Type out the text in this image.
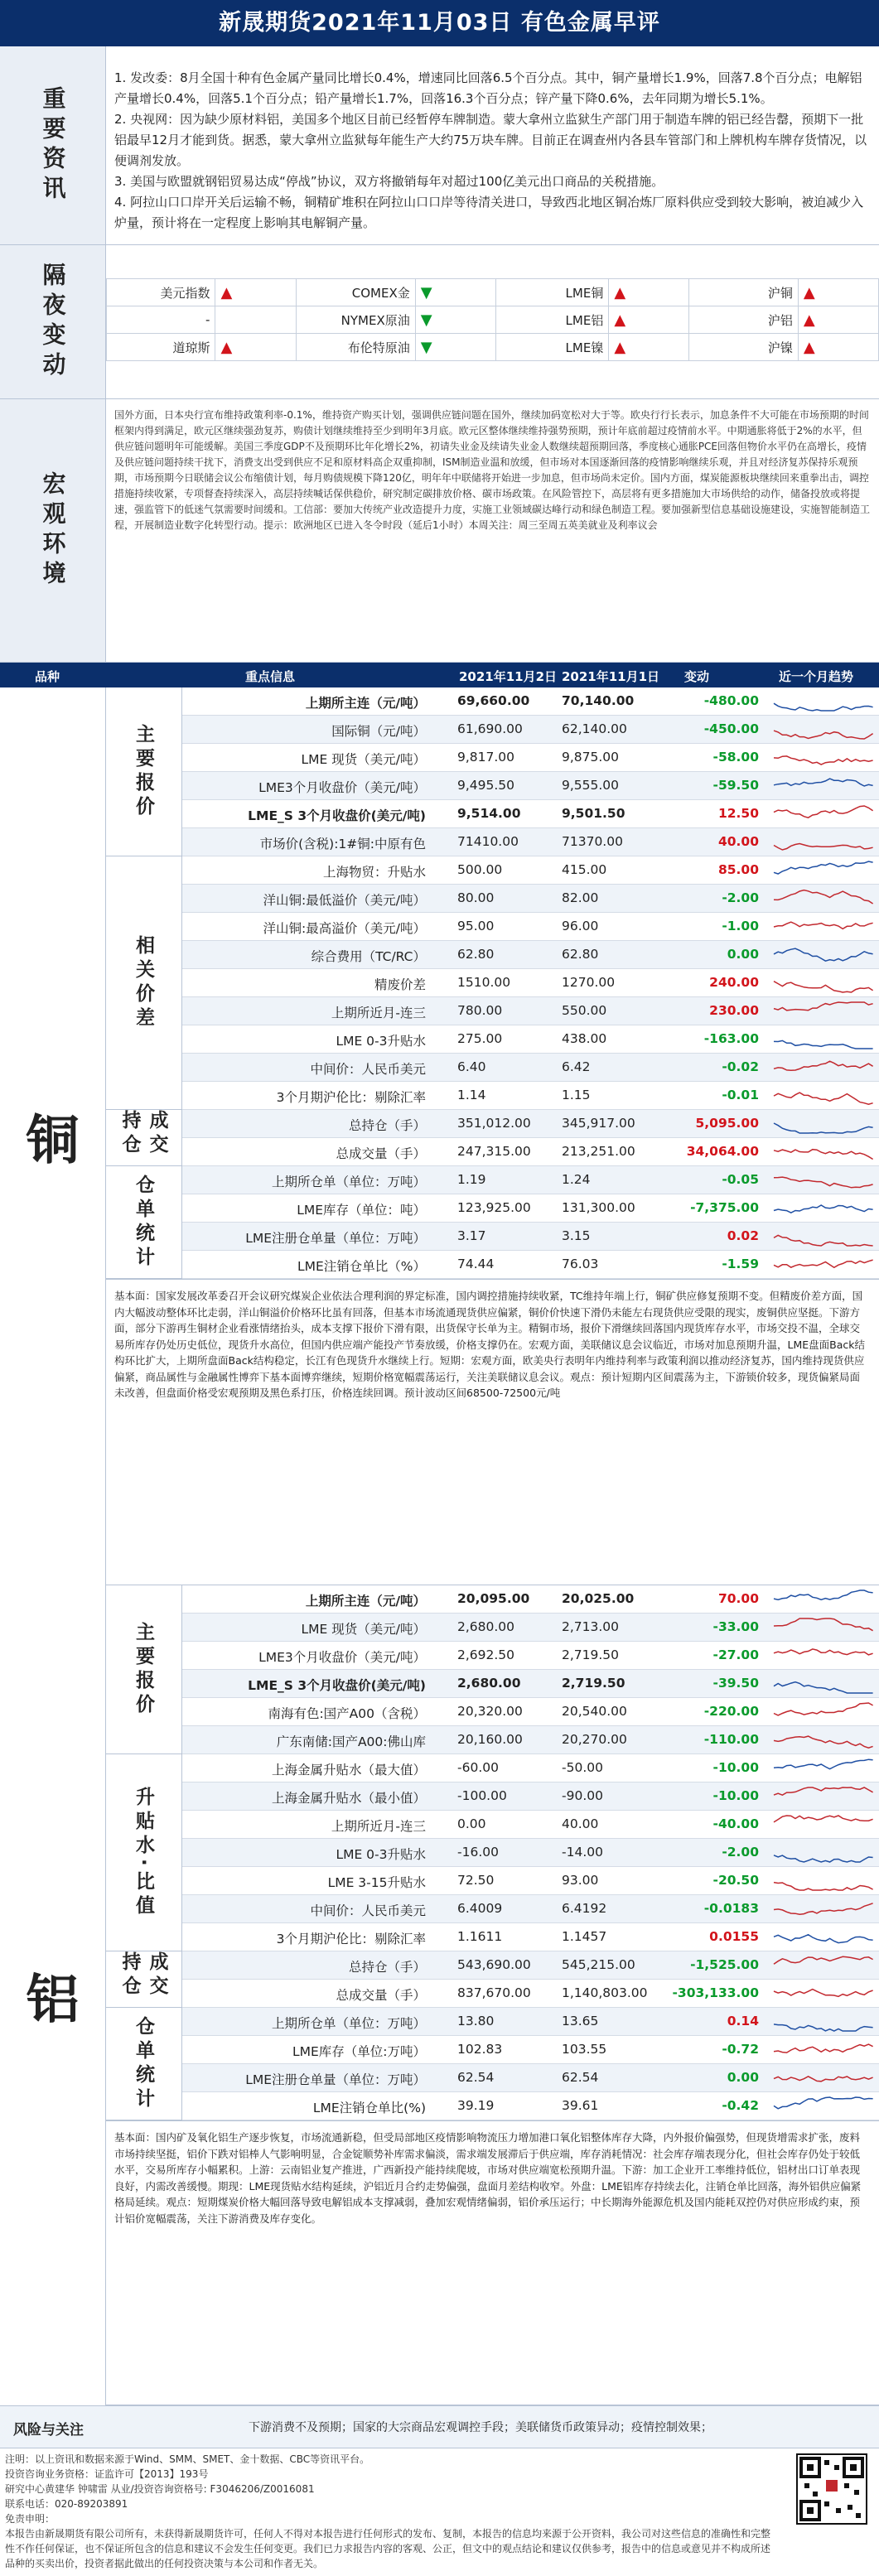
新晟期货2021年11月03日 有色金属早评
重要资讯

1. 发改委：8月全国十种有色金属产量同比增长0.4%，增速同比回落6.5个百分点。其中，铜产量增长1.9%，回落7.8个百分点；电解铝产量增长0.4%，回落5.1个百分点；铅产量增长1.7%，回落16.3个百分点；锌产量下降0.6%，去年同期为增长5.1%。

2. 央视网：因为缺少原材料铝，美国多个地区目前已经暂停车牌制造。蒙大拿州立监狱生产部门用于制造车牌的铝已经告罄，预期下一批铝最早12月才能到货。据悉，蒙大拿州立监狱每年能生产大约75万块车牌。目前正在调查州内各县车管部门和上牌机构车牌存货情况，以便调剂发放。

3. 美国与欧盟就钢铝贸易达成“停战”协议，双方将撤销每年对超过100亿美元出口商品的关税措施。

4. 阿拉山口口岸开关后运输不畅，铜精矿堆积在阿拉山口口岸等待清关进口，导致西北地区铜冶炼厂原料供应受到较大影响，被迫减少入炉量，预计将在一定程度上影响其电解铜产量。

隔夜变动	美元指数	▲	COMEX金	▼	LME铜	▲	沪铜	▲
-		NYMEX原油	▼	LME铝	▲	沪铝	▲
道琼斯	▲	布伦特原油	▼	LME镍	▲	沪镍	▲
宏观环境
国外方面，日本央行宣布维持政策利率-0.1%，维持资产购买计划，强调供应链问题在国外，继续加码宽松对大于等。欧央行行长表示，加息条件不大可能在市场预期的时间框架内得到满足，欧元区继续强劲复苏，购债计划继续维持至少到明年3月底。欧元区整体继续维持强势预期，预计年底前超过疫情前水平。中期通胀将低于2%的水平，但供应链问题明年可能缓解。美国三季度GDP不及预期环比年化增长2%，初请失业金及续请失业金人数继续超预期回落，季度核心通胀PCE回落但物价水平仍在高增长，疫情及供应链问题持续干扰下，消费支出受到供应不足和原材料高企双重抑制，ISM制造业温和放缓，但市场对本国逐渐回落的疫情影响继续乐观，并且对经济复苏保持乐观预期，市场预期今日联储会议公布缩债计划，每月购债规模下降120亿，明年年中联储将开始进一步加息，但市场尚未定价。国内方面，煤炭能源板块继续回来重拳出击，调控措施持续收紧，专项督查持续深入，高层持续喊话保供稳价，研究制定碳排放价格、碳市场政策。在风险管控下，高层将有更多措施加大市场供给的动作，储备投放或将提速，强监管下的低迷气氛需要时间缓和。工信部：要加大传统产业改造提升力度，实施工业领域碳达峰行动和绿色制造工程。要加强新型信息基础设施建设，实施智能制造工程，开展制造业数字化转型行动。提示：欧洲地区已进入冬令时段（延后1小时）本周关注：周三至周五英美就业及利率议会
品种	重点信息	2021年11月2日 2021年11月1日 变动	近一个月趋势
铜
主要报价
相关价差
成交持仓
仓单统计
上期所主连（元/吨） 69,660.00 70,140.00	-480.00
国际铜（元/吨） 61,690.00	62,140.00	-450.00
LME 现货（美元/吨） 9,817.00	9,875.00	-58.00
LME3个月收盘价（美元/吨） 9,495.50	9,555.00	-59.50
LME_S 3个月收盘价(美元/吨) 9,514.00	9,501.50	12.50
市场价(含税):1#铜:中原有色 71410.00	71370.00	40.00
上海物贸：升贴水 500.00	415.00	85.00
洋山铜:最低溢价（美元/吨） 80.00	82.00	-2.00
洋山铜:最高溢价（美元/吨） 95.00	96.00	-1.00
综合费用（TC/RC） 62.80	62.80	0.00
精废价差 1510.00	1270.00	240.00
上期所近月-连三 780.00	550.00	230.00
LME 0-3升贴水 275.00	438.00	-163.00
中间价：人民币美元 6.40	6.42	-0.02
3个月期沪伦比：剔除汇率 1.14	1.15	-0.01
总持仓（手） 351,012.00 345,917.00	5,095.00
总成交量（手） 247,315.00 213,251.00	34,064.00
上期所仓单（单位：万吨） 1.19	1.24	-0.05
LME库存（单位：吨） 123,925.00 131,300.00	-7,375.00
LME注册仓单量（单位：万吨） 3.17	3.15	0.02
LME注销仓单比（%） 74.44	76.03	-1.59
基本面：国家发展改革委召开会议研究煤炭企业依法合理利润的界定标准，国内调控措施持续收紧，TC维持年端上行，铜矿供应修复预期不变。但精废价差方面，国内大幅波动整体环比走弱，洋山铜溢价价格环比虽有回落，但基本市场流通现货供应偏紧，铜价价快速下滑仍未能左右现货供应受限的现实，废铜供应坚挺。下游方面，部分下游再生铜材企业看涨情绪抬头，成本支撑下报价下滑有限，出货保守长单为主。精铜市场，报价下滑继续回落国内现货库存水平，市场交投不温，全球交易所库存仍处历史低位，现货升水高位，但国内供应端产能投产节奏放缓，价格支撑仍在。宏观方面，美联储议息会议临近，市场对加息预期升温，LME盘面Back结构环比扩大，上期所盘面Back结构稳定，长江有色现货升水继续上行。短期：宏观方面，欧美央行表明年内维持利率与政策利润以推动经济复苏，国内维持现货供应偏紧，商品属性与金融属性博弈下基本面博弈继续，短期价格宽幅震荡运行，关注美联储议息会议。观点：预计短期内区间震荡为主，下游锁价较多，现货偏紧局面未改善，但盘面价格受宏观预期及黑色系打压，价格连续回调。预计波动区间68500-72500元/吨
铝
主要报价
升贴水·比值
成交持仓
仓单统计
上期所主连（元/吨） 20,095.00 20,025.00	70.00
LME 现货（美元/吨） 2,680.00	2,713.00	-33.00
LME3个月收盘价（美元/吨） 2,692.50	2,719.50	-27.00
LME_S 3个月收盘价(美元/吨) 2,680.00	2,719.50	-39.50
南海有色:国产A00（含税） 20,320.00	20,540.00	-220.00
广东南储:国产A00:佛山库 20,160.00	20,270.00	-110.00
上海金属升贴水（最大值） -60.00	-50.00	-10.00
上海金属升贴水（最小值） -100.00	-90.00	-10.00
上期所近月-连三 0.00	40.00	-40.00
LME 0-3升贴水 -16.00	-14.00	-2.00
LME 3-15升贴水 72.50	93.00	-20.50
中间价：人民币美元 6.4009	6.4192	-0.0183
3个月期沪伦比：剔除汇率 1.1611	1.1457	0.0155
总持仓（手） 543,690.00 545,215.00	-1,525.00
总成交量（手） 837,670.00 1,140,803.00	-303,133.00
上期所仓单（单位：万吨） 13.80	13.65	0.14
LME库存（单位:万吨） 102.83	103.55	-0.72
LME注册仓单量（单位：万吨） 62.54	62.54	0.00
LME注销仓单比(%) 39.19	39.61	-0.42
基本面：国内矿及氧化铝生产逐步恢复，市场流通新稳，但受局部地区疫情影响物流压力增加港口氧化铝整体库存大降，内外报价偏强势，但现货增需求扩张，废料市场持续坚挺，铝价下跌对铝棒人气影响明显，合金锭顺势补库需求偏淡，需求端发展滞后于供应端，库存消耗情况：社会库存端表现分化，但社会库存仍处于较低水平，交易所库存小幅累积。上游：云南铝业复产推进，广西新投产能持续爬坡，市场对供应端宽松预期升温。下游：加工企业开工率维持低位，铝材出口订单表现良好，内需改善缓慢。期现：LME现货贴水结构延续，沪铝近月合约走势偏强，盘面月差结构收窄。外盘：LME铝库存持续去化，注销仓单比回落，海外铝供应偏紧格局延续。观点：短期煤炭价格大幅回落导致电解铝成本支撑减弱，叠加宏观情绪偏弱，铝价承压运行；中长期海外能源危机及国内能耗双控仍对供应形成约束，预计铝价宽幅震荡，关注下游消费及库存变化。
风险与关注	下游消费不及预期；国家的大宗商品宏观调控手段；美联储货币政策异动；疫情控制效果；
注明：以上资讯和数据来源于Wind、SMM、SMET、金十数据、CBC等资讯平台。
投资咨询业务资格：证监许可【2013】193号
研究中心黄建华 钟啸雷 从业/投资咨询资格号: F3046206/Z0016081
联系电话：020-89203891
免责申明：
本报告由新晟期货有限公司所有，未获得新晟期货许可，任何人不得对本报告进行任何形式的发布、复制，本报告的信息均来源于公开资料，我公司对这些信息的准确性和完整性不作任何保证，也不保证所包含的信息和建议不会发生任何变更。我们已力求报告内容的客观、公正，但文中的观点结论和建议仅供参考，报告中的信息或意见并不构成所述品种的买卖出价，投资者据此做出的任何投资决策与本公司和作者无关。
